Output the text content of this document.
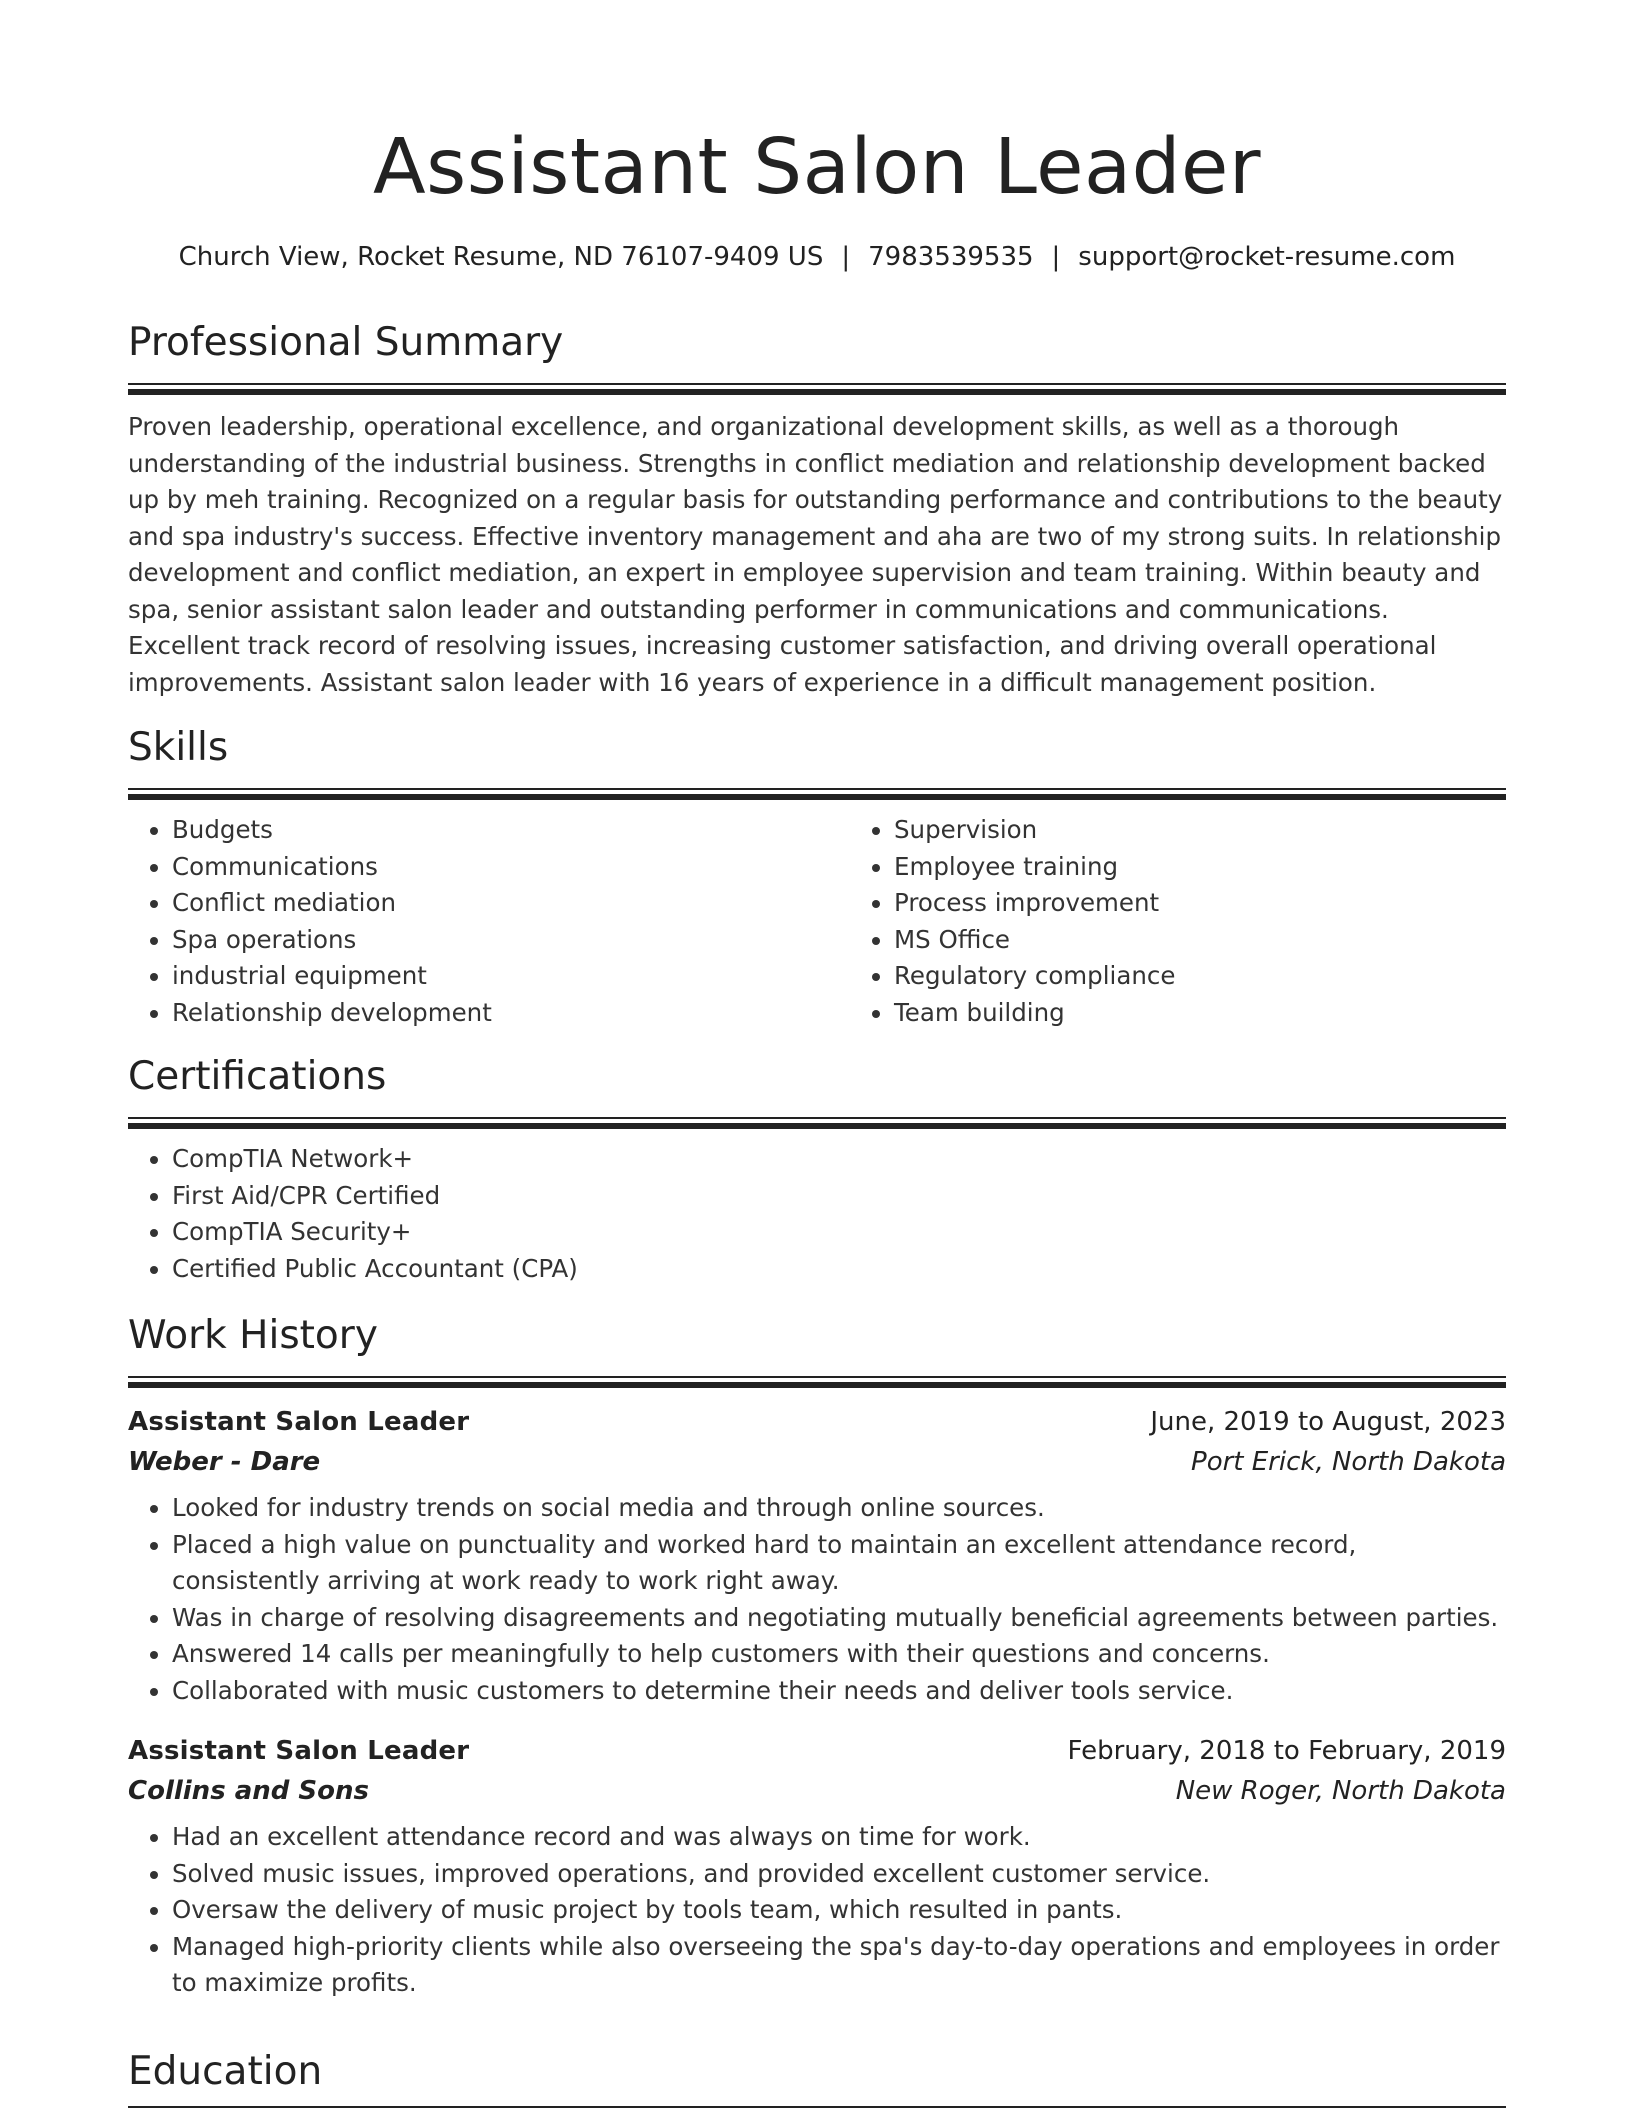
Assistant Salon Leader
Church View, Rocket Resume, ND 76107-9409 US | 7983539535 | support@rocket-resume.com
Professional Summary

Proven leadership, operational excellence, and organizational development skills, as well as a thorough understanding of the industrial business. Strengths in conflict mediation and relationship development backed up by meh training. Recognized on a regular basis for outstanding performance and contributions to the beauty and spa industry's success. Effective inventory management and aha are two of my strong suits. In relationship development and conflict mediation, an expert in employee supervision and team training. Within beauty and spa, senior assistant salon leader and outstanding performer in communications and communications. Excellent track record of resolving issues, increasing customer satisfaction, and driving overall operational improvements. Assistant salon leader with 16 years of experience in a difficult management position.

Skills
• Budgets
• Communications
• Conflict mediation
• Spa operations
• industrial equipment
• Relationship development
• Supervision
• Employee training
• Process improvement
• MS Office
• Regulatory compliance
• Team building
Certifications
• CompTIA Network+
• First Aid/CPR Certified
• CompTIA Security+
• Certified Public Accountant (CPA)
Work History
Assistant Salon Leader	June, 2019 to August, 2023
Weber - Dare	Port Erick, North Dakota
• Looked for industry trends on social media and through online sources.
• Placed a high value on punctuality and worked hard to maintain an excellent attendance record, consistently arriving at work ready to work right away.
• Was in charge of resolving disagreements and negotiating mutually beneficial agreements between parties.
• Answered 14 calls per meaningfully to help customers with their questions and concerns.
• Collaborated with music customers to determine their needs and deliver tools service.
Assistant Salon Leader	February, 2018 to February, 2019
Collins and Sons	New Roger, North Dakota
• Had an excellent attendance record and was always on time for work.
• Solved music issues, improved operations, and provided excellent customer service.
• Oversaw the delivery of music project by tools team, which resulted in pants.
• Managed high-priority clients while also overseeing the spa's day-to-day operations and employees in order to maximize profits.
Education
